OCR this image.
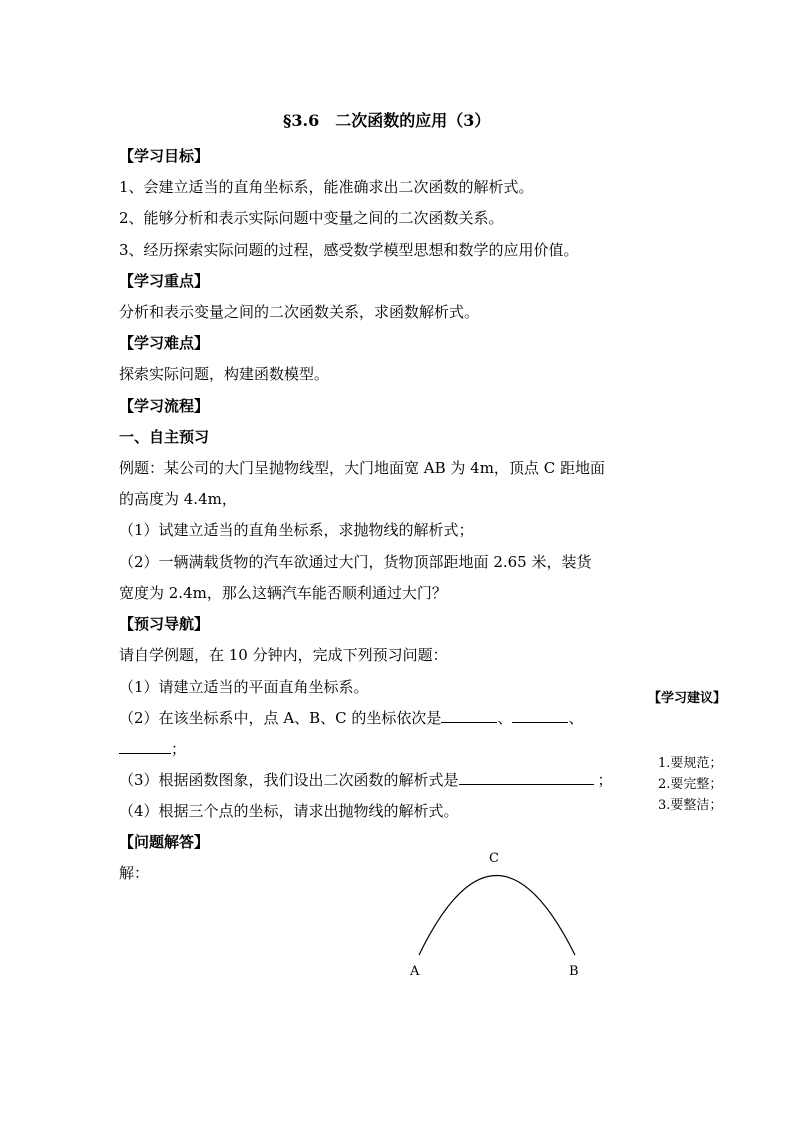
§3.6　二次函数的应用（3）
【学习目标】
1、会建立适当的直角坐标系，能准确求出二次函数的解析式。
2、能够分析和表示实际问题中变量之间的二次函数关系。
3、经历探索实际问题的过程，感受数学模型思想和数学的应用价值。
【学习重点】
分析和表示变量之间的二次函数关系，求函数解析式。
【学习难点】
探索实际问题，构建函数模型。
【学习流程】
一、自主预习
例题：某公司的大门呈抛物线型，大门地面宽 AB 为 4m，顶点 C 距地面
的高度为 4.4m，
（1）试建立适当的直角坐标系，求抛物线的解析式；
（2）一辆满载货物的汽车欲通过大门，货物顶部距地面 2.65 米，装货
宽度为 2.4m，那么这辆汽车能否顺利通过大门？
【预习导航】
请自学例题，在 10 分钟内，完成下列预习问题：
（1）请建立适当的平面直角坐标系。
（2）在该坐标系中，点 A、B、C 的坐标依次是	、	、
；
（3）根据函数图象，我们设出二次函数的解析式是	；
（4）根据三个点的坐标，请求出抛物线的解析式。
【问题解答】
解：
【学习建议】
1.要规范；
2.要完整；
3.要整洁；
C
A	B
